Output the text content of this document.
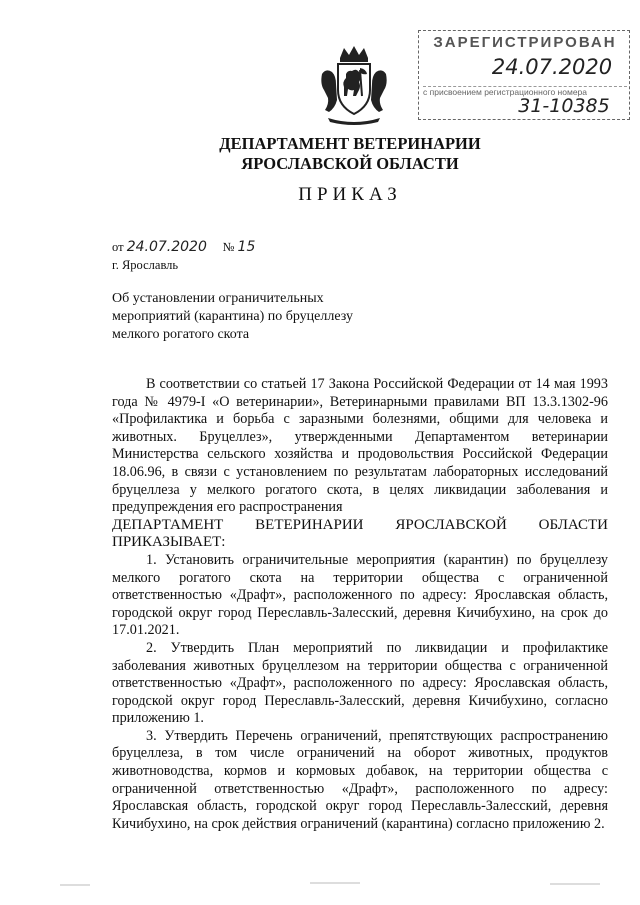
ЗАРЕГИСТРИРОВАН
24.07.2020
с присвоением регистрационного номера
31-10385
ДЕПАРТАМЕНТ ВЕТЕРИНАРИИ
ЯРОСЛАВСКОЙ ОБЛАСТИ
ПРИКАЗ
от 24.07.2020 № 15
г. Ярославль
Об установлении ограничительных мероприятий (карантина) по бруцеллезу мелкого рогатого скота

В соответствии со статьей 17 Закона Российской Федерации от 14 мая 1993 года № 4979-I «О ветеринарии», Ветеринарными правилами ВП 13.3.1302-96 «Профилактика и борьба с заразными болезнями, общими для человека и животных. Бруцеллез», утвержденными Департаментом ветеринарии Министерства сельского хозяйства и продовольствия Российской Федерации 18.06.96, в связи с установлением по результатам лабораторных исследований бруцеллеза у мелкого рогатого скота, в целях ликвидации заболевания и предупреждения его распространения

ДЕПАРТАМЕНТ ВЕТЕРИНАРИИ ЯРОСЛАВСКОЙ ОБЛАСТИ ПРИКАЗЫВАЕТ:

1. Установить ограничительные мероприятия (карантин) по бруцеллезу мелкого рогатого скота на территории общества с ограниченной ответственностью «Драфт», расположенного по адресу: Ярославская область, городской округ город Переславль-Залесский, деревня Кичибухино, на срок до 17.01.2021.

2. Утвердить План мероприятий по ликвидации и профилактике заболевания животных бруцеллезом на территории общества с ограниченной ответственностью «Драфт», расположенного по адресу: Ярославская область, городской округ город Переславль-Залесский, деревня Кичибухино, согласно приложению 1.

3. Утвердить Перечень ограничений, препятствующих распространению бруцеллеза, в том числе ограничений на оборот животных, продуктов животноводства, кормов и кормовых добавок, на территории общества с ограниченной ответственностью «Драфт», расположенного по адресу: Ярославская область, городской округ город Переславль-Залесский, деревня Кичибухино, на срок действия ограничений (карантина) согласно приложению 2.
